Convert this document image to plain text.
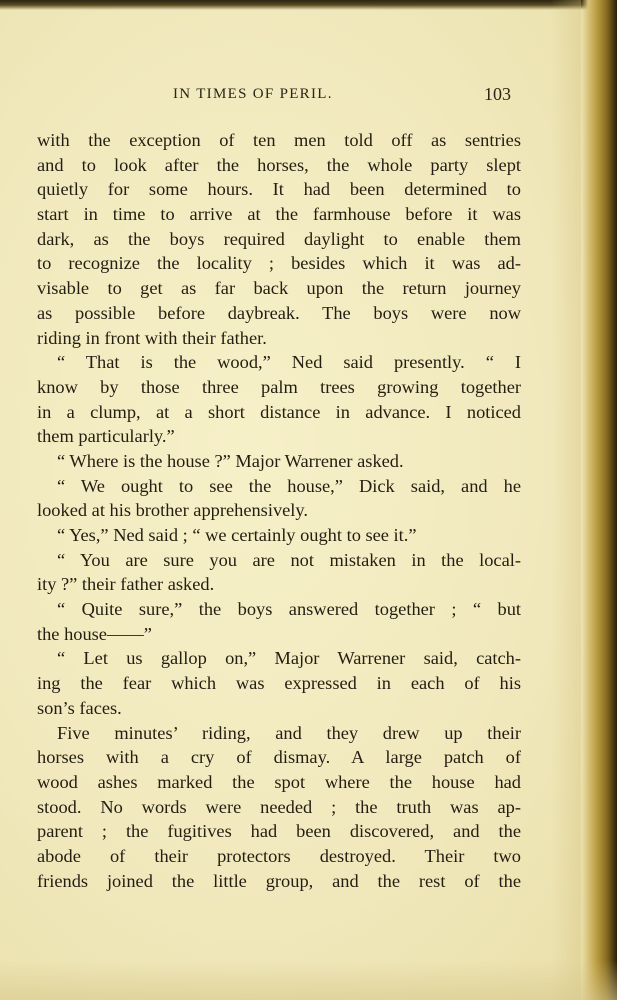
IN TIMES OF PERIL.	103
with the exception of ten men told off as sentries
and to look after the horses, the whole party slept
quietly for some hours. It had been determined to
start in time to arrive at the farmhouse before it was
dark, as the boys required daylight to enable them
to recognize the locality ; besides which it was ad-
visable to get as far back upon the return journey
as possible before daybreak. The boys were now
riding in front with their father.
“ That is the wood,” Ned said presently. “ I
know by those three palm trees growing together
in a clump, at a short distance in advance. I noticed
them particularly.”
“ Where is the house ?” Major Warrener asked.
“ We ought to see the house,” Dick said, and he
looked at his brother apprehensively.
“ Yes,” Ned said ; “ we certainly ought to see it.”
“ You are sure you are not mistaken in the local-
ity ?” their father asked.
“ Quite sure,” the boys answered together ; “ but
the house——”
“ Let us gallop on,” Major Warrener said, catch-
ing the fear which was expressed in each of his
son’s faces.
Five minutes’ riding, and they drew up their
horses with a cry of dismay. A large patch of
wood ashes marked the spot where the house had
stood. No words were needed ; the truth was ap-
parent ; the fugitives had been discovered, and the
abode of their protectors destroyed. Their two
friends joined the little group, and the rest of the
